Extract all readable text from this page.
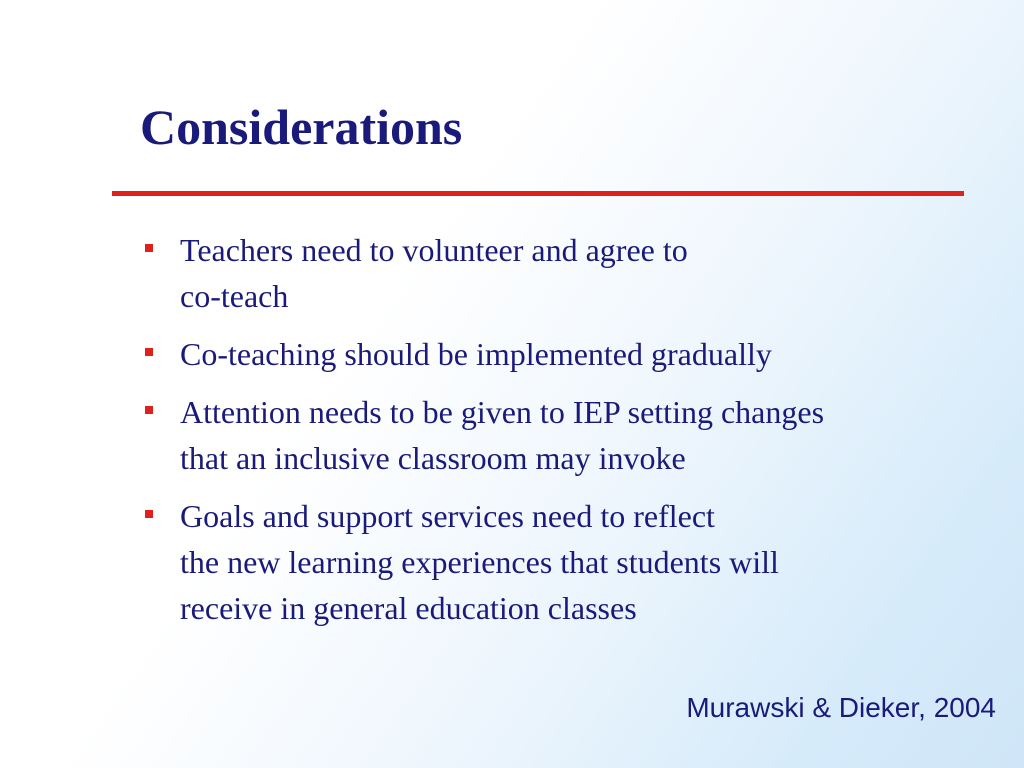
Considerations
Teachers need to volunteer and agree to
co-teach
Co-teaching should be implemented gradually
Attention needs to be given to IEP setting changes
that an inclusive classroom may invoke
Goals and support services need to reflect
the new learning experiences that students will
receive in general education classes

Murawski & Dieker, 2004
